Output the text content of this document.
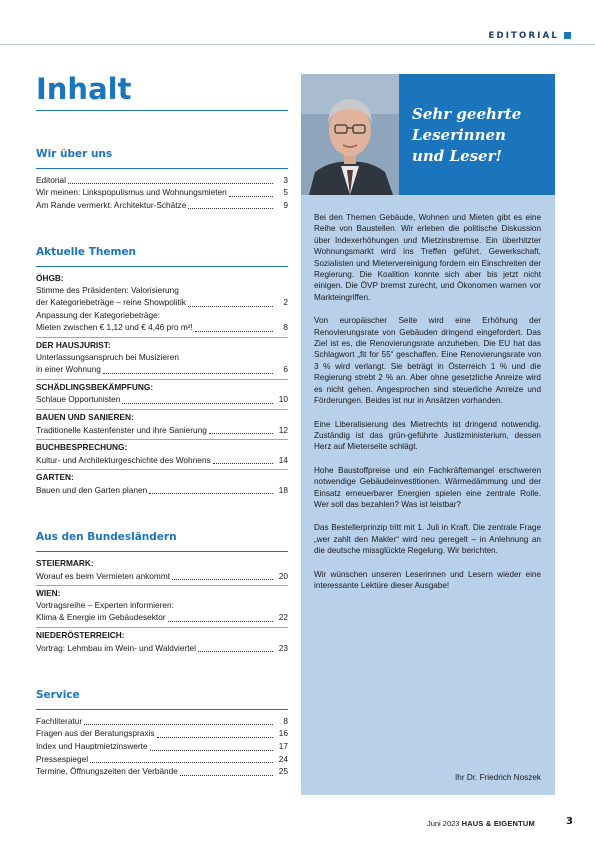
EDITORIAL
Inhalt
Wir über uns
Editorial	3
Wir meinen: Linkspopulismus und Wohnungsmieten	5
Am Rande vermerkt: Architektur-Schätze	9
Aktuelle Themen
ÖHGB:
Stimme des Präsidenten: Valorisierung
der Kategoriebeträge – reine Showpolitik	2
Anpassung der Kategoriebeträge:
Mieten zwischen € 1,12 und € 4,46 pro m²!	8
DER HAUSJURIST:
Unterlassungsanspruch bei Musizieren
in einer Wohnung	6
SCHÄDLINGSBEKÄMPFUNG:
Schlaue Opportunisten	10
BAUEN UND SANIEREN:
Traditionelle Kastenfenster und ihre Sanierung	12
BUCHBESPRECHUNG:
Kultur- und Architekturgeschichte des Wohnens	14
GARTEN:
Bauen und den Garten planen	18
Aus den Bundesländern
STEIERMARK:
Worauf es beim Vermieten ankommt	20
WIEN:
Vortragsreihe – Experten informieren:
Klima & Energie im Gebäudesektor	22
NIEDERÖSTERREICH:
Vortrag: Lehmbau im Wein- und Waldviertel	23
Service
Fachliteratur	8
Fragen aus der Beratungspraxis	16
Index und Hauptmietzinswerte	17
Pressespiegel	24
Termine, Öffnungszeiten der Verbände	25
Sehr geehrte
Leserinnen
und Leser!

Bei den Themen Gebäude, Wohnen und Mieten gibt es eine Reihe von Baustellen. Wir erleben die politische Diskussion über Indexerhöhungen und Mietzinsbremse. Ein überhitzter Wohnungsmarkt wird ins Treffen geführt. Gewerkschaft, Sozialisten und Mietervereinigung fordern ein Einschreiten der Regierung. Die Koalition konnte sich aber bis jetzt nicht einigen. Die ÖVP bremst zurecht, und Ökonomen warnen vor Markteingriffen.

Von europäischer Seite wird eine Erhöhung der Renovierungsrate von Gebäuden dringend eingefordert. Das Ziel ist es, die Renovierungsrate anzuheben. Die EU hat das Schlagwort „fit for 55“ geschaffen. Eine Renovierungsrate von 3 % wird verlangt. Sie beträgt in Österreich 1 % und die Regierung strebt 2 % an. Aber ohne gesetzliche Anreize wird es nicht gehen. Angesprochen sind steuerliche Anreize und Förderungen. Beides ist nur in Ansätzen vorhanden.

Eine Liberalisierung des Mietrechts ist dringend notwendig. Zuständig ist das grün-geführte Justizministerium, dessen Herz auf Mieterseite schlägt.

Hohe Baustoffpreise und ein Fachkräftemangel erschweren notwendige Gebäudeinvestitionen. Wärmedämmung und der Einsatz erneuerbarer Energien spielen eine zentrale Rolle. Wer soll das bezahlen? Was ist leistbar?

Das Bestellerprinzip tritt mit 1. Juli in Kraft. Die zentrale Frage „wer zahlt den Makler“ wird neu geregelt – in Anlehnung an die deutsche missglückte Regelung. Wir berichten.

Wir wünschen unseren Leserinnen und Lesern wieder eine interessante Lektüre dieser Ausgabe!

Ihr Dr. Friedrich Noszek
Juni 2023 HAUS & EIGENTUM	3
